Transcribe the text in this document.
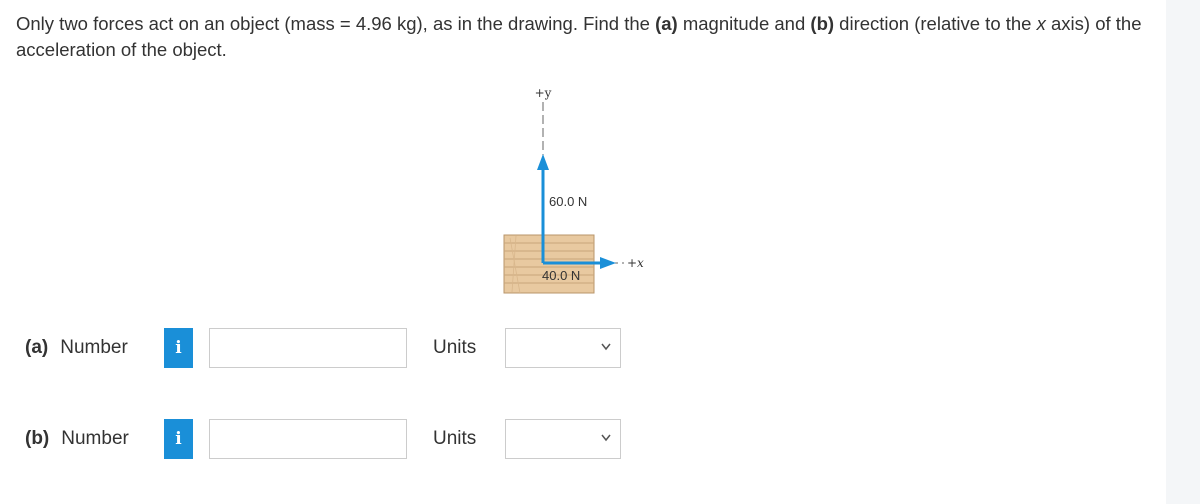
Only two forces act on an object (mass = 4.96 kg), as in the drawing. Find the (a) magnitude and (b) direction (relative to the x axis) of the acceleration of the object.

+y
+x
60.0 N
40.0 N
(a) Number	i	Units
(b) Number	i	Units
